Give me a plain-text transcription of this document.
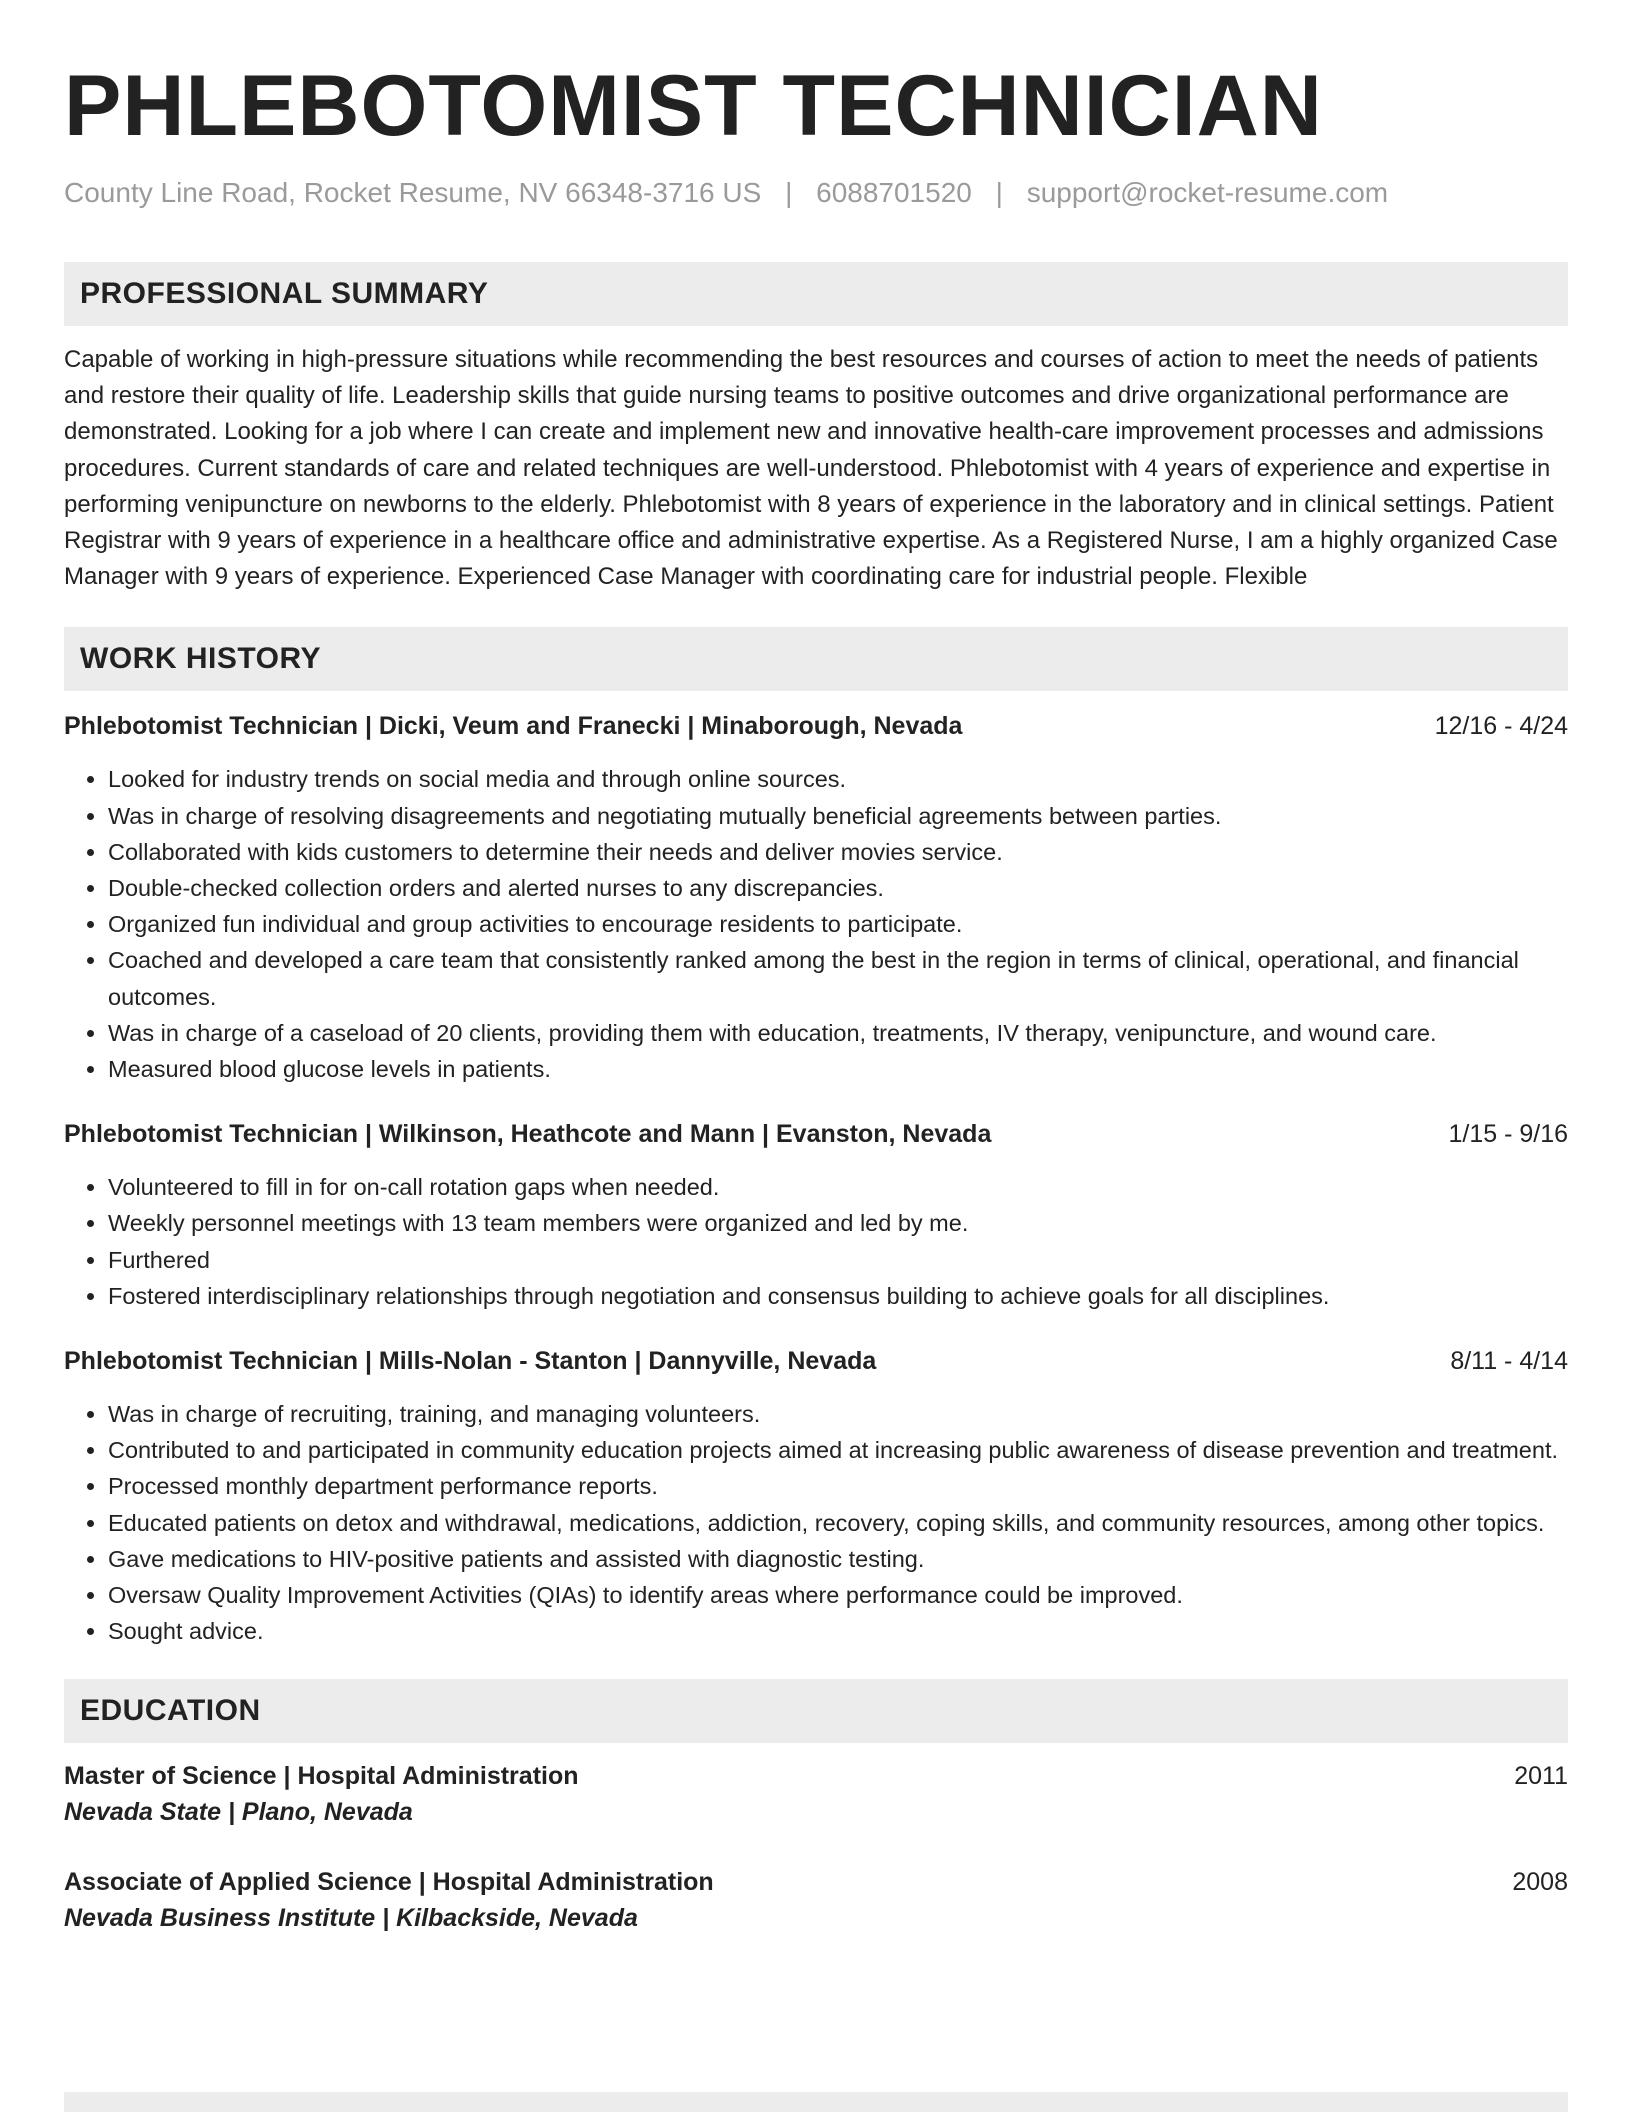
PHLEBOTOMIST TECHNICIAN
County Line Road, Rocket Resume, NV 66348-3716 US | 6088701520 | support@rocket-resume.com
PROFESSIONAL SUMMARY

Capable of working in high-pressure situations while recommending the best resources and courses of action to meet the needs of patients and restore their quality of life. Leadership skills that guide nursing teams to positive outcomes and drive organizational performance are demonstrated. Looking for a job where I can create and implement new and innovative health-care improvement processes and admissions procedures. Current standards of care and related techniques are well-understood. Phlebotomist with 4 years of experience and expertise in performing venipuncture on newborns to the elderly. Phlebotomist with 8 years of experience in the laboratory and in clinical settings. Patient Registrar with 9 years of experience in a healthcare office and administrative expertise. As a Registered Nurse, I am a highly organized Case Manager with 9 years of experience. Experienced Case Manager with coordinating care for industrial people. Flexible

WORK HISTORY
Phlebotomist Technician | Dicki, Veum and Franecki | Minaborough, Nevada	12/16 - 4/24
• Looked for industry trends on social media and through online sources.
• Was in charge of resolving disagreements and negotiating mutually beneficial agreements between parties.
• Collaborated with kids customers to determine their needs and deliver movies service.
• Double-checked collection orders and alerted nurses to any discrepancies.
• Organized fun individual and group activities to encourage residents to participate.
• Coached and developed a care team that consistently ranked among the best in the region in terms of clinical, operational, and financial outcomes.
• Was in charge of a caseload of 20 clients, providing them with education, treatments, IV therapy, venipuncture, and wound care.
• Measured blood glucose levels in patients.
Phlebotomist Technician | Wilkinson, Heathcote and Mann | Evanston, Nevada	1/15 - 9/16
• Volunteered to fill in for on-call rotation gaps when needed.
• Weekly personnel meetings with 13 team members were organized and led by me.
• Furthered
• Fostered interdisciplinary relationships through negotiation and consensus building to achieve goals for all disciplines.
Phlebotomist Technician | Mills-Nolan - Stanton | Dannyville, Nevada	8/11 - 4/14
• Was in charge of recruiting, training, and managing volunteers.
• Contributed to and participated in community education projects aimed at increasing public awareness of disease prevention and treatment.
• Processed monthly department performance reports.
• Educated patients on detox and withdrawal, medications, addiction, recovery, coping skills, and community resources, among other topics.
• Gave medications to HIV-positive patients and assisted with diagnostic testing.
• Oversaw Quality Improvement Activities (QIAs) to identify areas where performance could be improved.
• Sought advice.
EDUCATION
Master of Science | Hospital Administration	2011
Nevada State | Plano, Nevada
Associate of Applied Science | Hospital Administration	2008
Nevada Business Institute | Kilbackside, Nevada
